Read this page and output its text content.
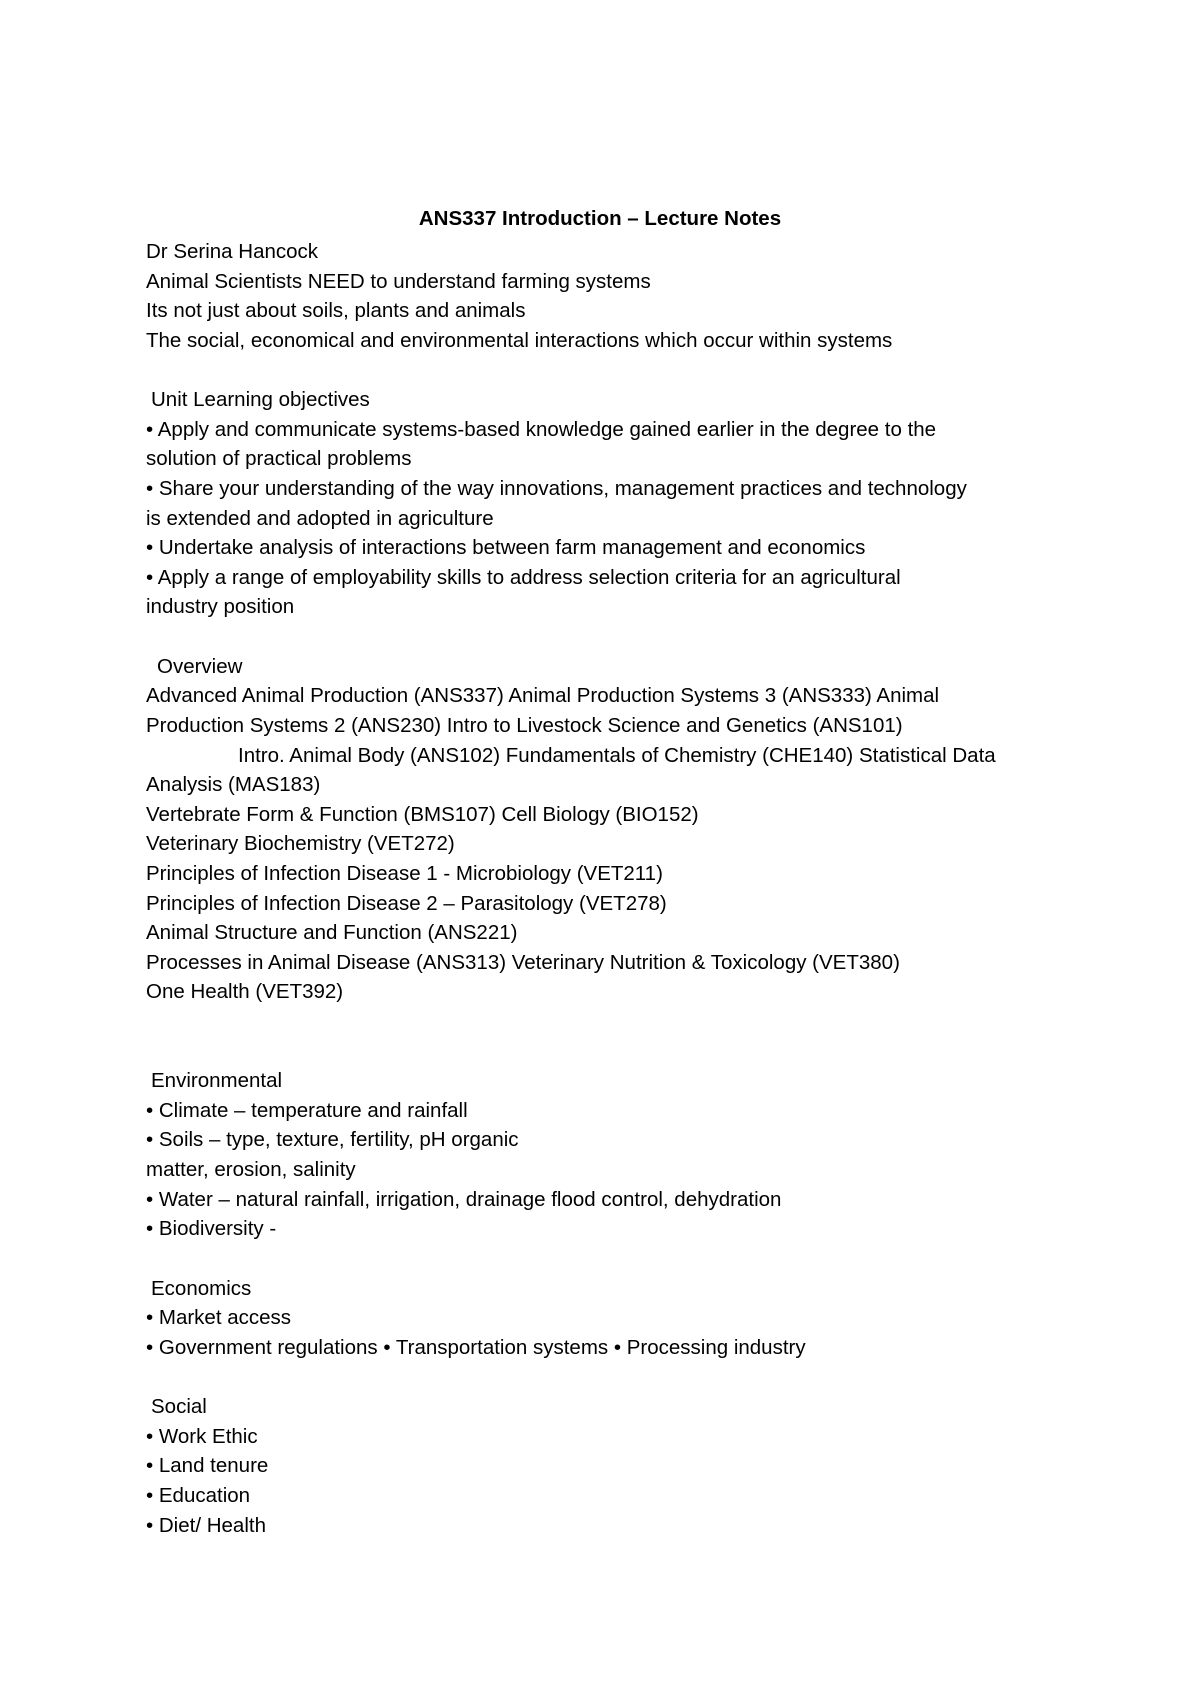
ANS337 Introduction – Lecture Notes
Dr Serina Hancock
Animal Scientists NEED to understand farming systems
Its not just about soils, plants and animals
The social, economical and environmental interactions which occur within systems
Unit Learning objectives
• Apply and communicate systems-based knowledge gained earlier in the degree to the
solution of practical problems
• Share your understanding of the way innovations, management practices and technology
is extended and adopted in agriculture
• Undertake analysis of interactions between farm management and economics
• Apply a range of employability skills to address selection criteria for an agricultural
industry position
Overview
Advanced Animal Production (ANS337) Animal Production Systems 3 (ANS333) Animal
Production Systems 2 (ANS230) Intro to Livestock Science and Genetics (ANS101)
Intro. Animal Body (ANS102) Fundamentals of Chemistry (CHE140) Statistical Data
Analysis (MAS183)
Vertebrate Form & Function (BMS107) Cell Biology (BIO152)
Veterinary Biochemistry (VET272)
Principles of Infection Disease 1 - Microbiology (VET211)
Principles of Infection Disease 2 – Parasitology (VET278)
Animal Structure and Function (ANS221)
Processes in Animal Disease (ANS313) Veterinary Nutrition & Toxicology (VET380)
One Health (VET392)
Environmental
• Climate – temperature and rainfall
• Soils – type, texture, fertility, pH organic
matter, erosion, salinity
• Water – natural rainfall, irrigation, drainage flood control, dehydration
• Biodiversity -
Economics
• Market access
• Government regulations • Transportation systems • Processing industry
Social
• Work Ethic
• Land tenure
• Education
• Diet/ Health
